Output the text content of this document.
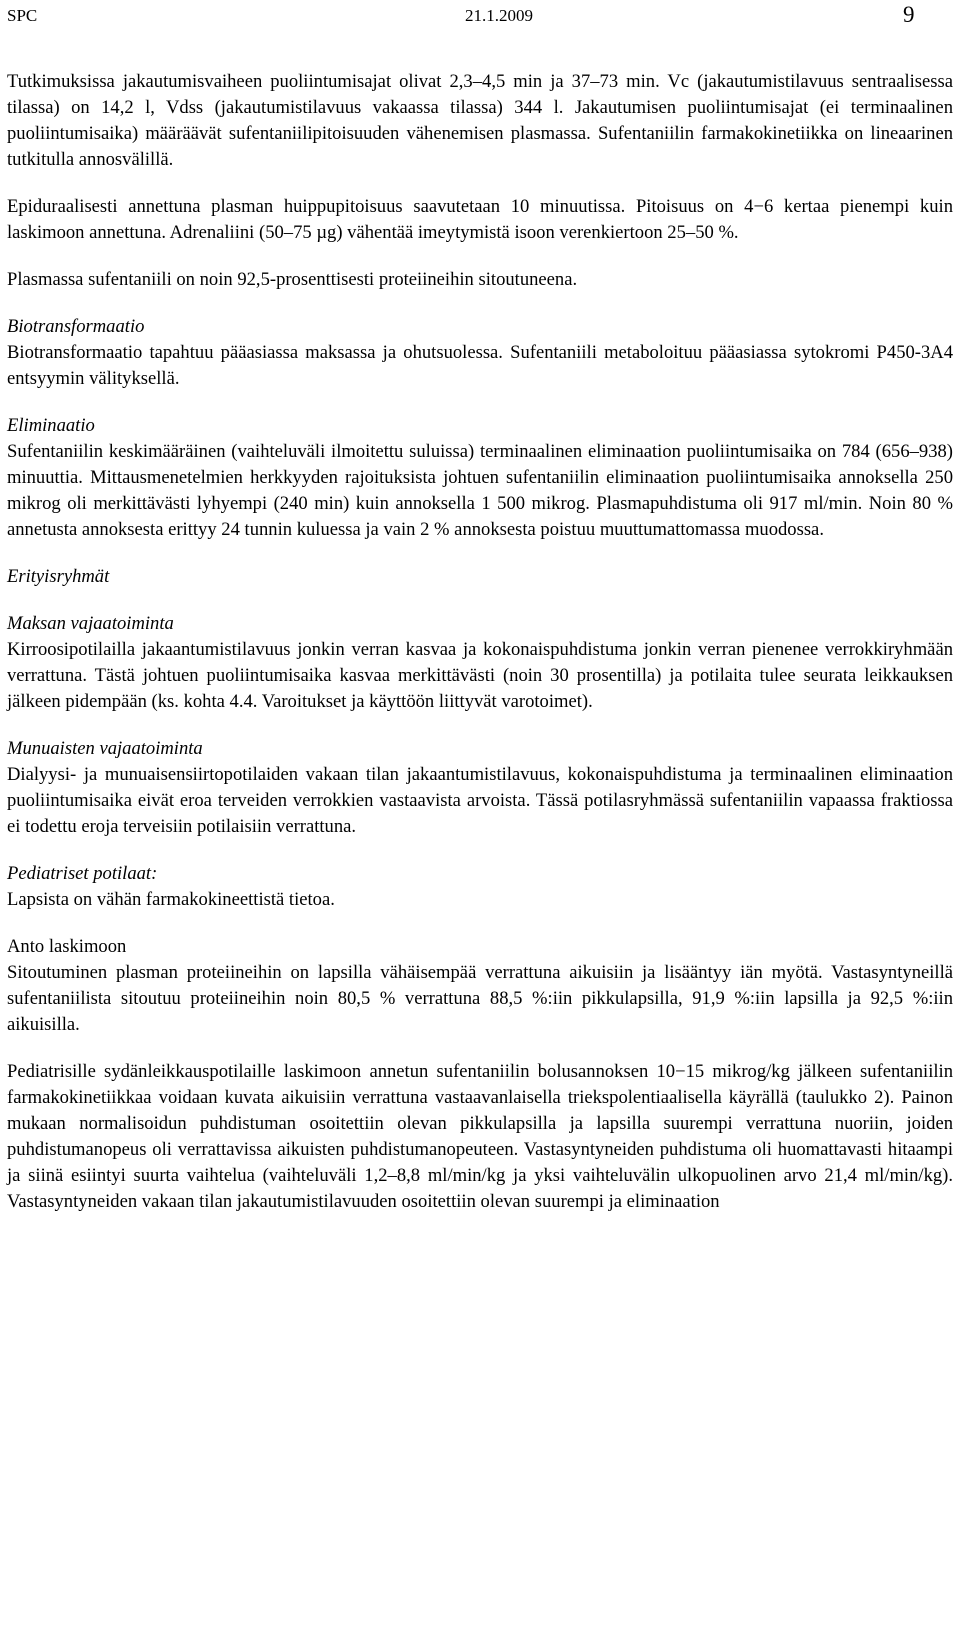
SPC	21.1.2009	9

Tutkimuksissa jakautumisvaiheen puoliintumisajat olivat 2,3–4,5 min ja 37–73 min. Vc (jakautumistilavuus sentraalisessa tilassa) on 14,2 l, Vdss (jakautumistilavuus vakaassa tilassa) 344 l. Jakautumisen puoliintumisajat (ei terminaalinen puoliintumisaika) määräävät sufentaniilipitoisuuden vähenemisen plasmassa. Sufentaniilin farmakokinetiikka on lineaarinen tutkitulla annosvälillä.

Epiduraalisesti annettuna plasman huippupitoisuus saavutetaan 10 minuutissa. Pitoisuus on 4−6 kertaa pienempi kuin laskimoon annettuna. Adrenaliini (50–75 µg) vähentää imeytymistä isoon verenkiertoon 25–50 %.

Plasmassa sufentaniili on noin 92,5-prosenttisesti proteiineihin sitoutuneena.

Biotransformaatio
Biotransformaatio tapahtuu pääasiassa maksassa ja ohutsuolessa. Sufentaniili metaboloituu pääasiassa sytokromi P450-3A4 entsyymin välityksellä.

Eliminaatio
Sufentaniilin keskimääräinen (vaihteluväli ilmoitettu suluissa) terminaalinen eliminaation puoliintumisaika on 784 (656–938) minuuttia. Mittausmenetelmien herkkyyden rajoituksista johtuen sufentaniilin eliminaation puoliintumisaika annoksella 250 mikrog oli merkittävästi lyhyempi (240 min) kuin annoksella 1 500 mikrog. Plasmapuhdistuma oli 917 ml/min. Noin 80 % annetusta annoksesta erittyy 24 tunnin kuluessa ja vain 2 % annoksesta poistuu muuttumattomassa muodossa.

Erityisryhmät

Maksan vajaatoiminta
Kirroosipotilailla jakaantumistilavuus jonkin verran kasvaa ja kokonaispuhdistuma jonkin verran pienenee verrokkiryhmään verrattuna. Tästä johtuen puoliintumisaika kasvaa merkittävästi (noin 30 prosentilla) ja potilaita tulee seurata leikkauksen jälkeen pidempään (ks. kohta 4.4. Varoitukset ja käyttöön liittyvät varotoimet).

Munuaisten vajaatoiminta
Dialyysi- ja munuaisensiirtopotilaiden vakaan tilan jakaantumistilavuus, kokonaispuhdistuma ja terminaalinen eliminaation puoliintumisaika eivät eroa terveiden verrokkien vastaavista arvoista. Tässä potilasryhmässä sufentaniilin vapaassa fraktiossa ei todettu eroja terveisiin potilaisiin verrattuna.

Pediatriset potilaat:
Lapsista on vähän farmakokineettistä tietoa.

Anto laskimoon
Sitoutuminen plasman proteiineihin on lapsilla vähäisempää verrattuna aikuisiin ja lisääntyy iän myötä. Vastasyntyneillä sufentaniilista sitoutuu proteiineihin noin 80,5 % verrattuna 88,5 %:iin pikkulapsilla, 91,9 %:iin lapsilla ja 92,5 %:iin aikuisilla.

Pediatrisille sydänleikkauspotilaille laskimoon annetun sufentaniilin bolusannoksen 10−15 mikrog/kg jälkeen sufentaniilin farmakokinetiikkaa voidaan kuvata aikuisiin verrattuna vastaavanlaisella triekspolentiaalisella käyrällä (taulukko 2). Painon mukaan normalisoidun puhdistuman osoitettiin olevan pikkulapsilla ja lapsilla suurempi verrattuna nuoriin, joiden puhdistumanopeus oli verrattavissa aikuisten puhdistumanopeuteen. Vastasyntyneiden puhdistuma oli huomattavasti hitaampi ja siinä esiintyi suurta vaihtelua (vaihteluväli 1,2–8,8 ml/min/kg ja yksi vaihteluvälin ulkopuolinen arvo 21,4 ml/min/kg). Vastasyntyneiden vakaan tilan jakautumistilavuuden osoitettiin olevan suurempi ja eliminaation
